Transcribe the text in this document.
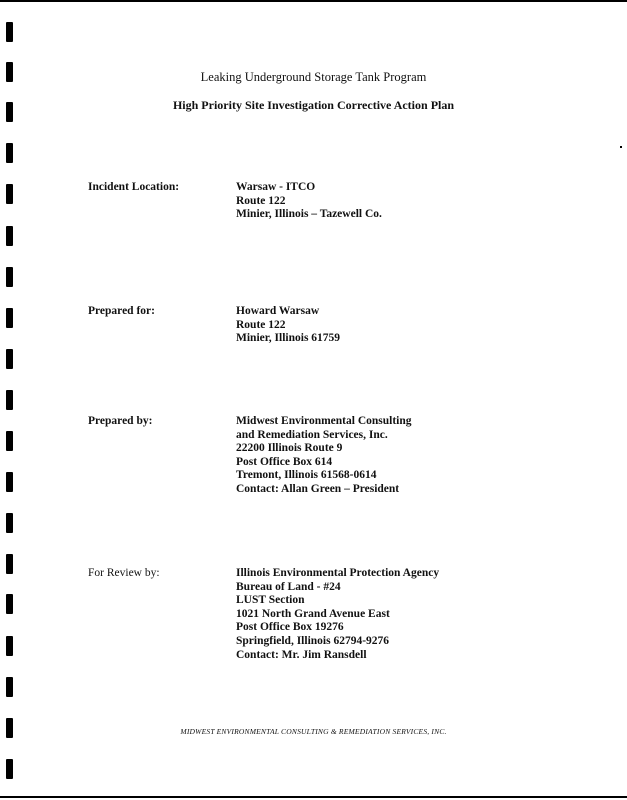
Leaking Underground Storage Tank Program
High Priority Site Investigation Corrective Action Plan
Incident Location:	Warsaw - ITCO
Route 122
Minier, Illinois – Tazewell Co.
Prepared for:	Howard Warsaw
Route 122
Minier, Illinois 61759
Prepared by:	Midwest Environmental Consulting
and Remediation Services, Inc.
22200 Illinois Route 9
Post Office Box 614
Tremont, Illinois 61568-0614
Contact: Allan Green – President
For Review by:	Illinois Environmental Protection Agency
Bureau of Land - #24
LUST Section
1021 North Grand Avenue East
Post Office Box 19276
Springfield, Illinois 62794-9276
Contact: Mr. Jim Ransdell
MIDWEST ENVIRONMENTAL CONSULTING & REMEDIATION SERVICES, INC.
